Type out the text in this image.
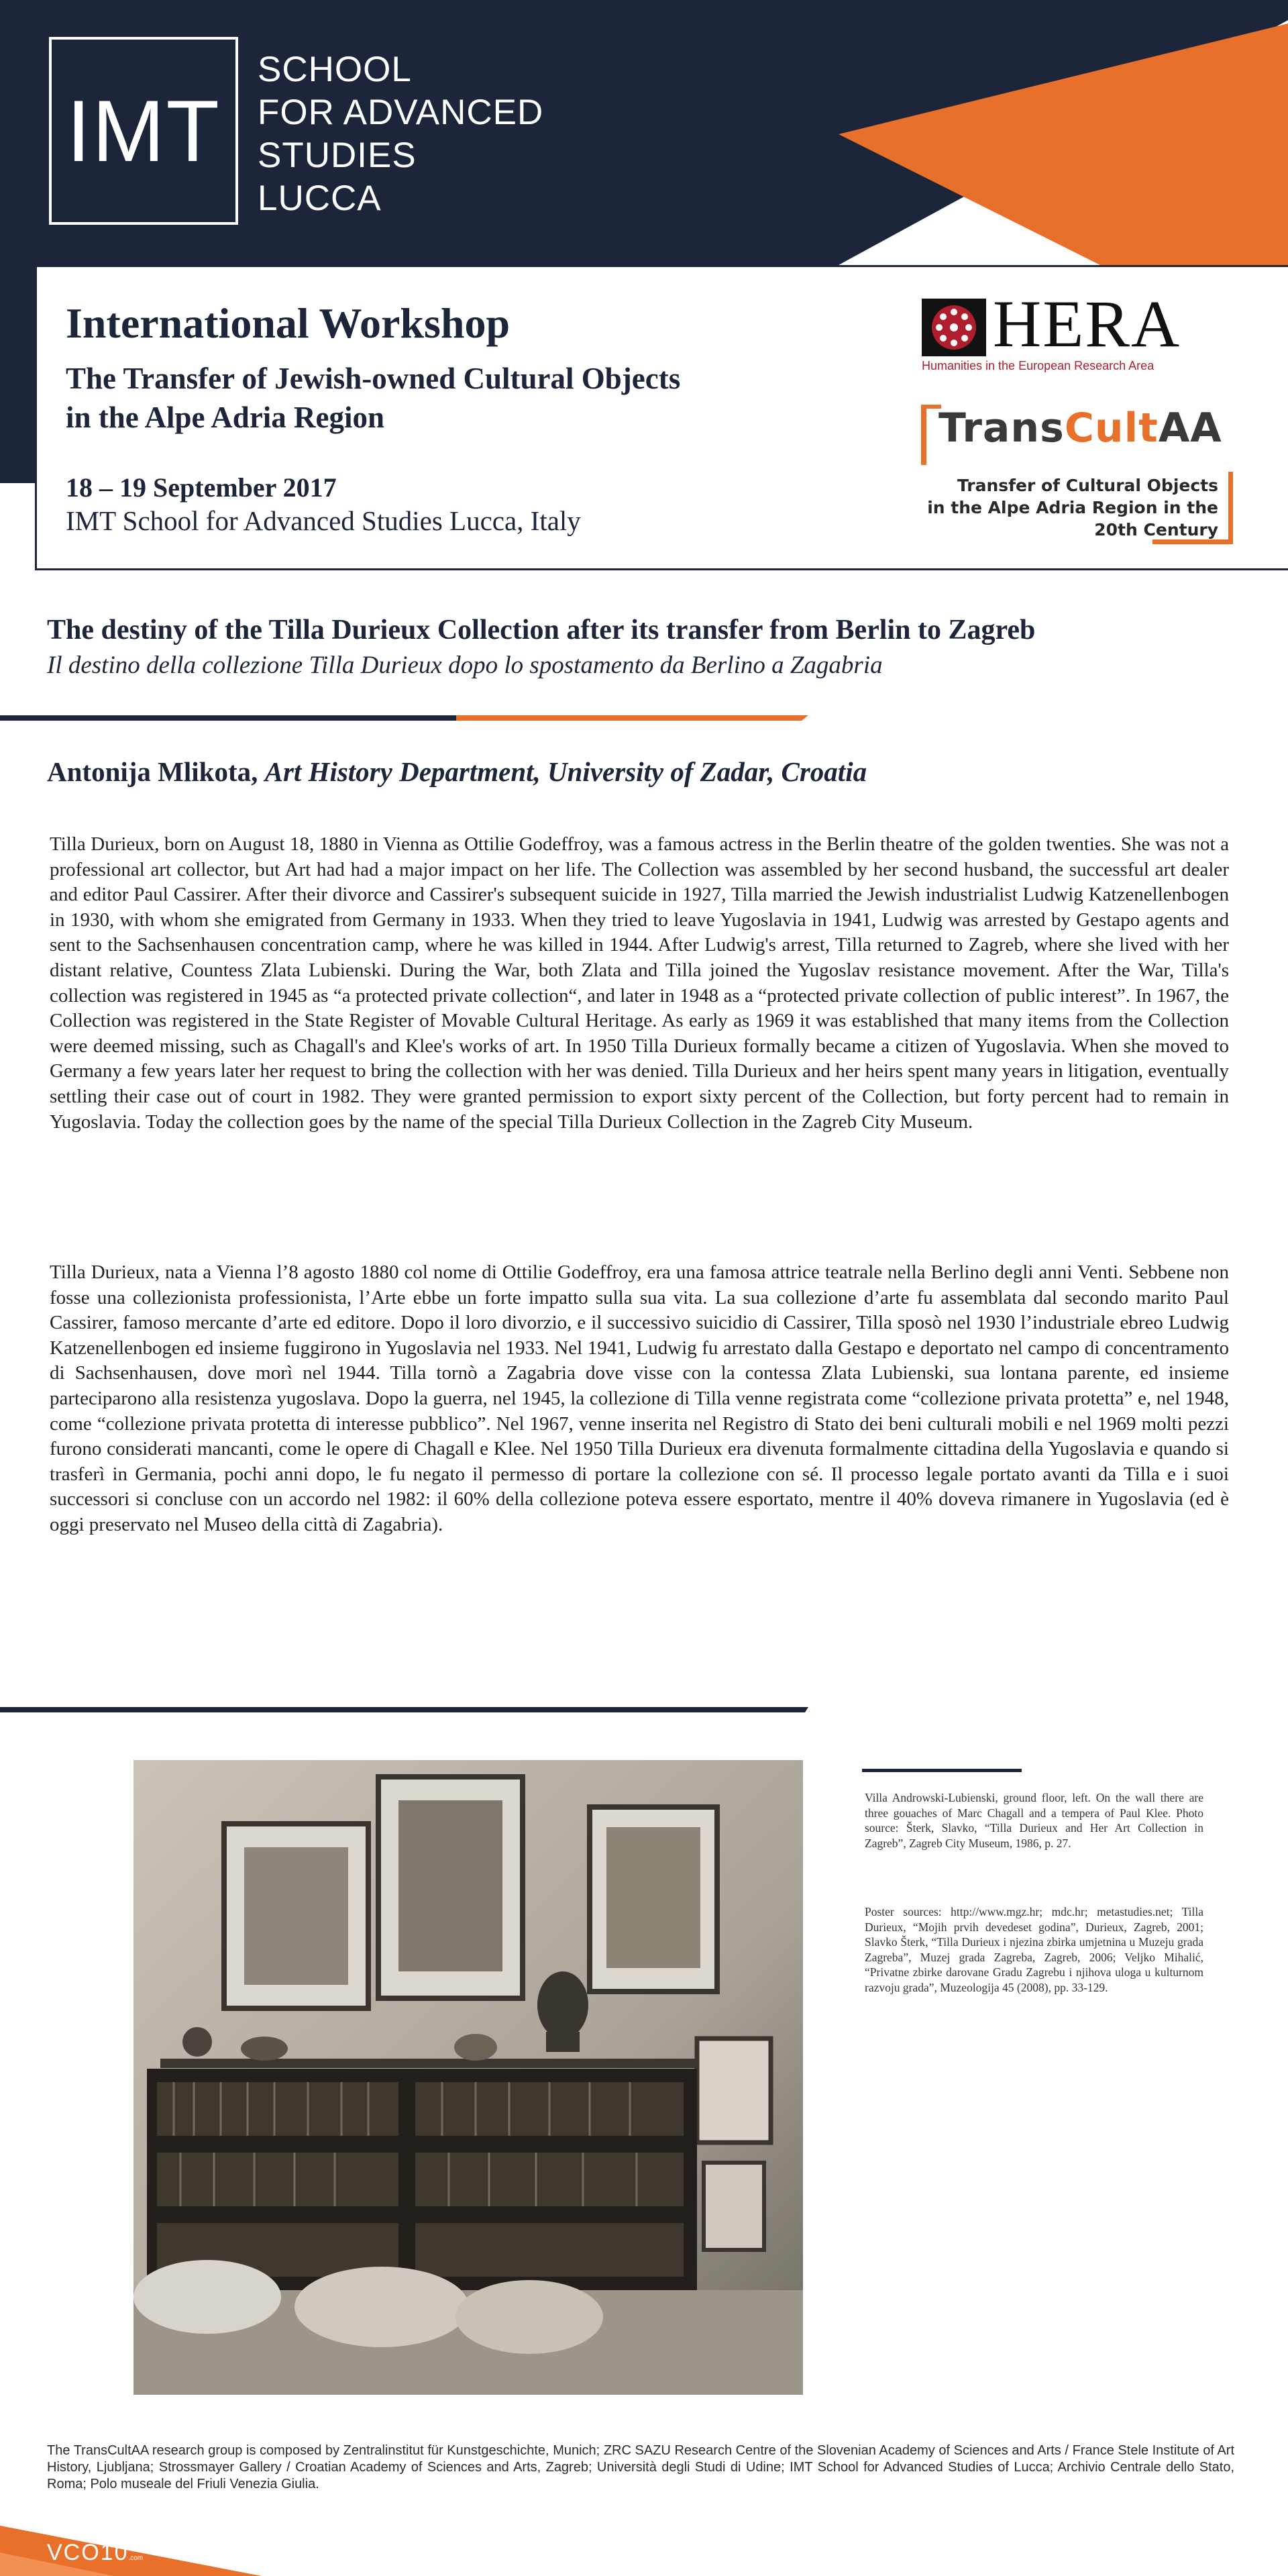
IMT
SCHOOL
FOR ADVANCED
STUDIES
LUCCA
International Workshop
The Transfer of Jewish-owned Cultural Objects
in the Alpe Adria Region
18 – 19 September 2017
IMT School for Advanced Studies Lucca, Italy
HERA
Humanities in the European Research Area
TransCultAA
Transfer of Cultural Objects
in the Alpe Adria Region in the
20th Century
The destiny of the Tilla Durieux Collection after its transfer from Berlin to Zagreb
Il destino della collezione Tilla Durieux dopo lo spostamento da Berlino a Zagabria
Antonija Mlikota, Art History Department, University of Zadar, Croatia
Tilla Durieux, born on August 18, 1880 in Vienna as Ottilie Godeffroy, was a famous actress in the Berlin theatre of the golden twenties. She was not a professional art collector, but Art had had a major impact on her life. The Collection was assembled by her second husband, the successful art dealer and editor Paul Cassirer. After their divorce and Cassirer's subsequent suicide in 1927, Tilla married the Jewish industrialist Ludwig Katzenellenbogen in 1930, with whom she emigrated from Germany in 1933. When they tried to leave Yugoslavia in 1941, Ludwig was arrested by Gestapo agents and sent to the Sachsenhausen concentration camp, where he was killed in 1944. After Ludwig's arrest, Tilla returned to Zagreb, where she lived with her distant relative, Countess Zlata Lubienski. During the War, both Zlata and Tilla joined the Yugoslav resistance movement. After the War, Tilla's collection was registered in 1945 as “a protected private collection“, and later in 1948 as a “protected private collection of public interest”. In 1967, the Collection was registered in the State Register of Movable Cultural Heritage. As early as 1969 it was established that many items from the Collection were deemed missing, such as Chagall's and Klee's works of art. In 1950 Tilla Durieux formally became a citizen of Yugoslavia. When she moved to Germany a few years later her request to bring the collection with her was denied. Tilla Durieux and her heirs spent many years in litigation, eventually settling their case out of court in 1982. They were granted permission to export sixty percent of the Collection, but forty percent had to remain in Yugoslavia. Today the collection goes by the name of the special Tilla Durieux Collection in the Zagreb City Museum.
Tilla Durieux, nata a Vienna l’8 agosto 1880 col nome di Ottilie Godeffroy, era una famosa attrice teatrale nella Berlino degli anni Venti. Sebbene non fosse una collezionista professionista, l’Arte ebbe un forte impatto sulla sua vita. La sua collezione d’arte fu assemblata dal secondo marito Paul Cassirer, famoso mercante d’arte ed editore. Dopo il loro divorzio, e il successivo suicidio di Cassirer, Tilla sposò nel 1930 l’industriale ebreo Ludwig Katzenellenbogen ed insieme fuggirono in Yugoslavia nel 1933. Nel 1941, Ludwig fu arrestato dalla Gestapo e deportato nel campo di concentramento di Sachsenhausen, dove morì nel 1944. Tilla tornò a Zagabria dove visse con la contessa Zlata Lubienski, sua lontana parente, ed insieme parteciparono alla resistenza yugoslava. Dopo la guerra, nel 1945, la collezione di Tilla venne registrata come “collezione privata protetta” e, nel 1948, come “collezione privata protetta di interesse pubblico”. Nel 1967, venne inserita nel Registro di Stato dei beni culturali mobili e nel 1969 molti pezzi furono considerati mancanti, come le opere di Chagall e Klee. Nel 1950 Tilla Durieux era divenuta formalmente cittadina della Yugoslavia e quando si trasferì in Germania, pochi anni dopo, le fu negato il permesso di portare la collezione con sé. Il processo legale portato avanti da Tilla e i suoi successori si concluse con un accordo nel 1982: il 60% della collezione poteva essere esportato, mentre il 40% doveva rimanere in Yugoslavia (ed è oggi preservato nel Museo della città di Zagabria).
Villa Androwski-Lubienski, ground floor, left. On the wall there are three gouaches of Marc Chagall and a tempera of Paul Klee. Photo source: Šterk, Slavko, “Tilla Durieux and Her Art Collection in Zagreb”, Zagreb City Museum, 1986, p. 27.
Poster sources: http://www.mgz.hr; mdc.hr; metastudies.net; Tilla Durieux, “Mojih prvih devedeset godina”, Durieux, Zagreb, 2001; Slavko Šterk, “Tilla Durieux i njezina zbirka umjetnina u Muzeju grada Zagreba”, Muzej grada Zagreba, Zagreb, 2006; Veljko Mihalić, “Privatne zbirke darovane Gradu Zagrebu i njihova uloga u kulturnom razvoju grada”, Muzeologija 45 (2008), pp. 33-129.
The TransCultAA research group is composed by Zentralinstitut für Kunstgeschichte, Munich; ZRC SAZU Research Centre of the Slovenian Academy of Sciences and Arts / France Stele Institute of Art History, Ljubljana; Strossmayer Gallery / Croatian Academy of Sciences and Arts, Zagreb; Università degli Studi di Udine; IMT School for Advanced Studies of Lucca; Archivio Centrale dello Stato, Roma; Polo museale del Friuli Venezia Giulia.
VCO10.com
